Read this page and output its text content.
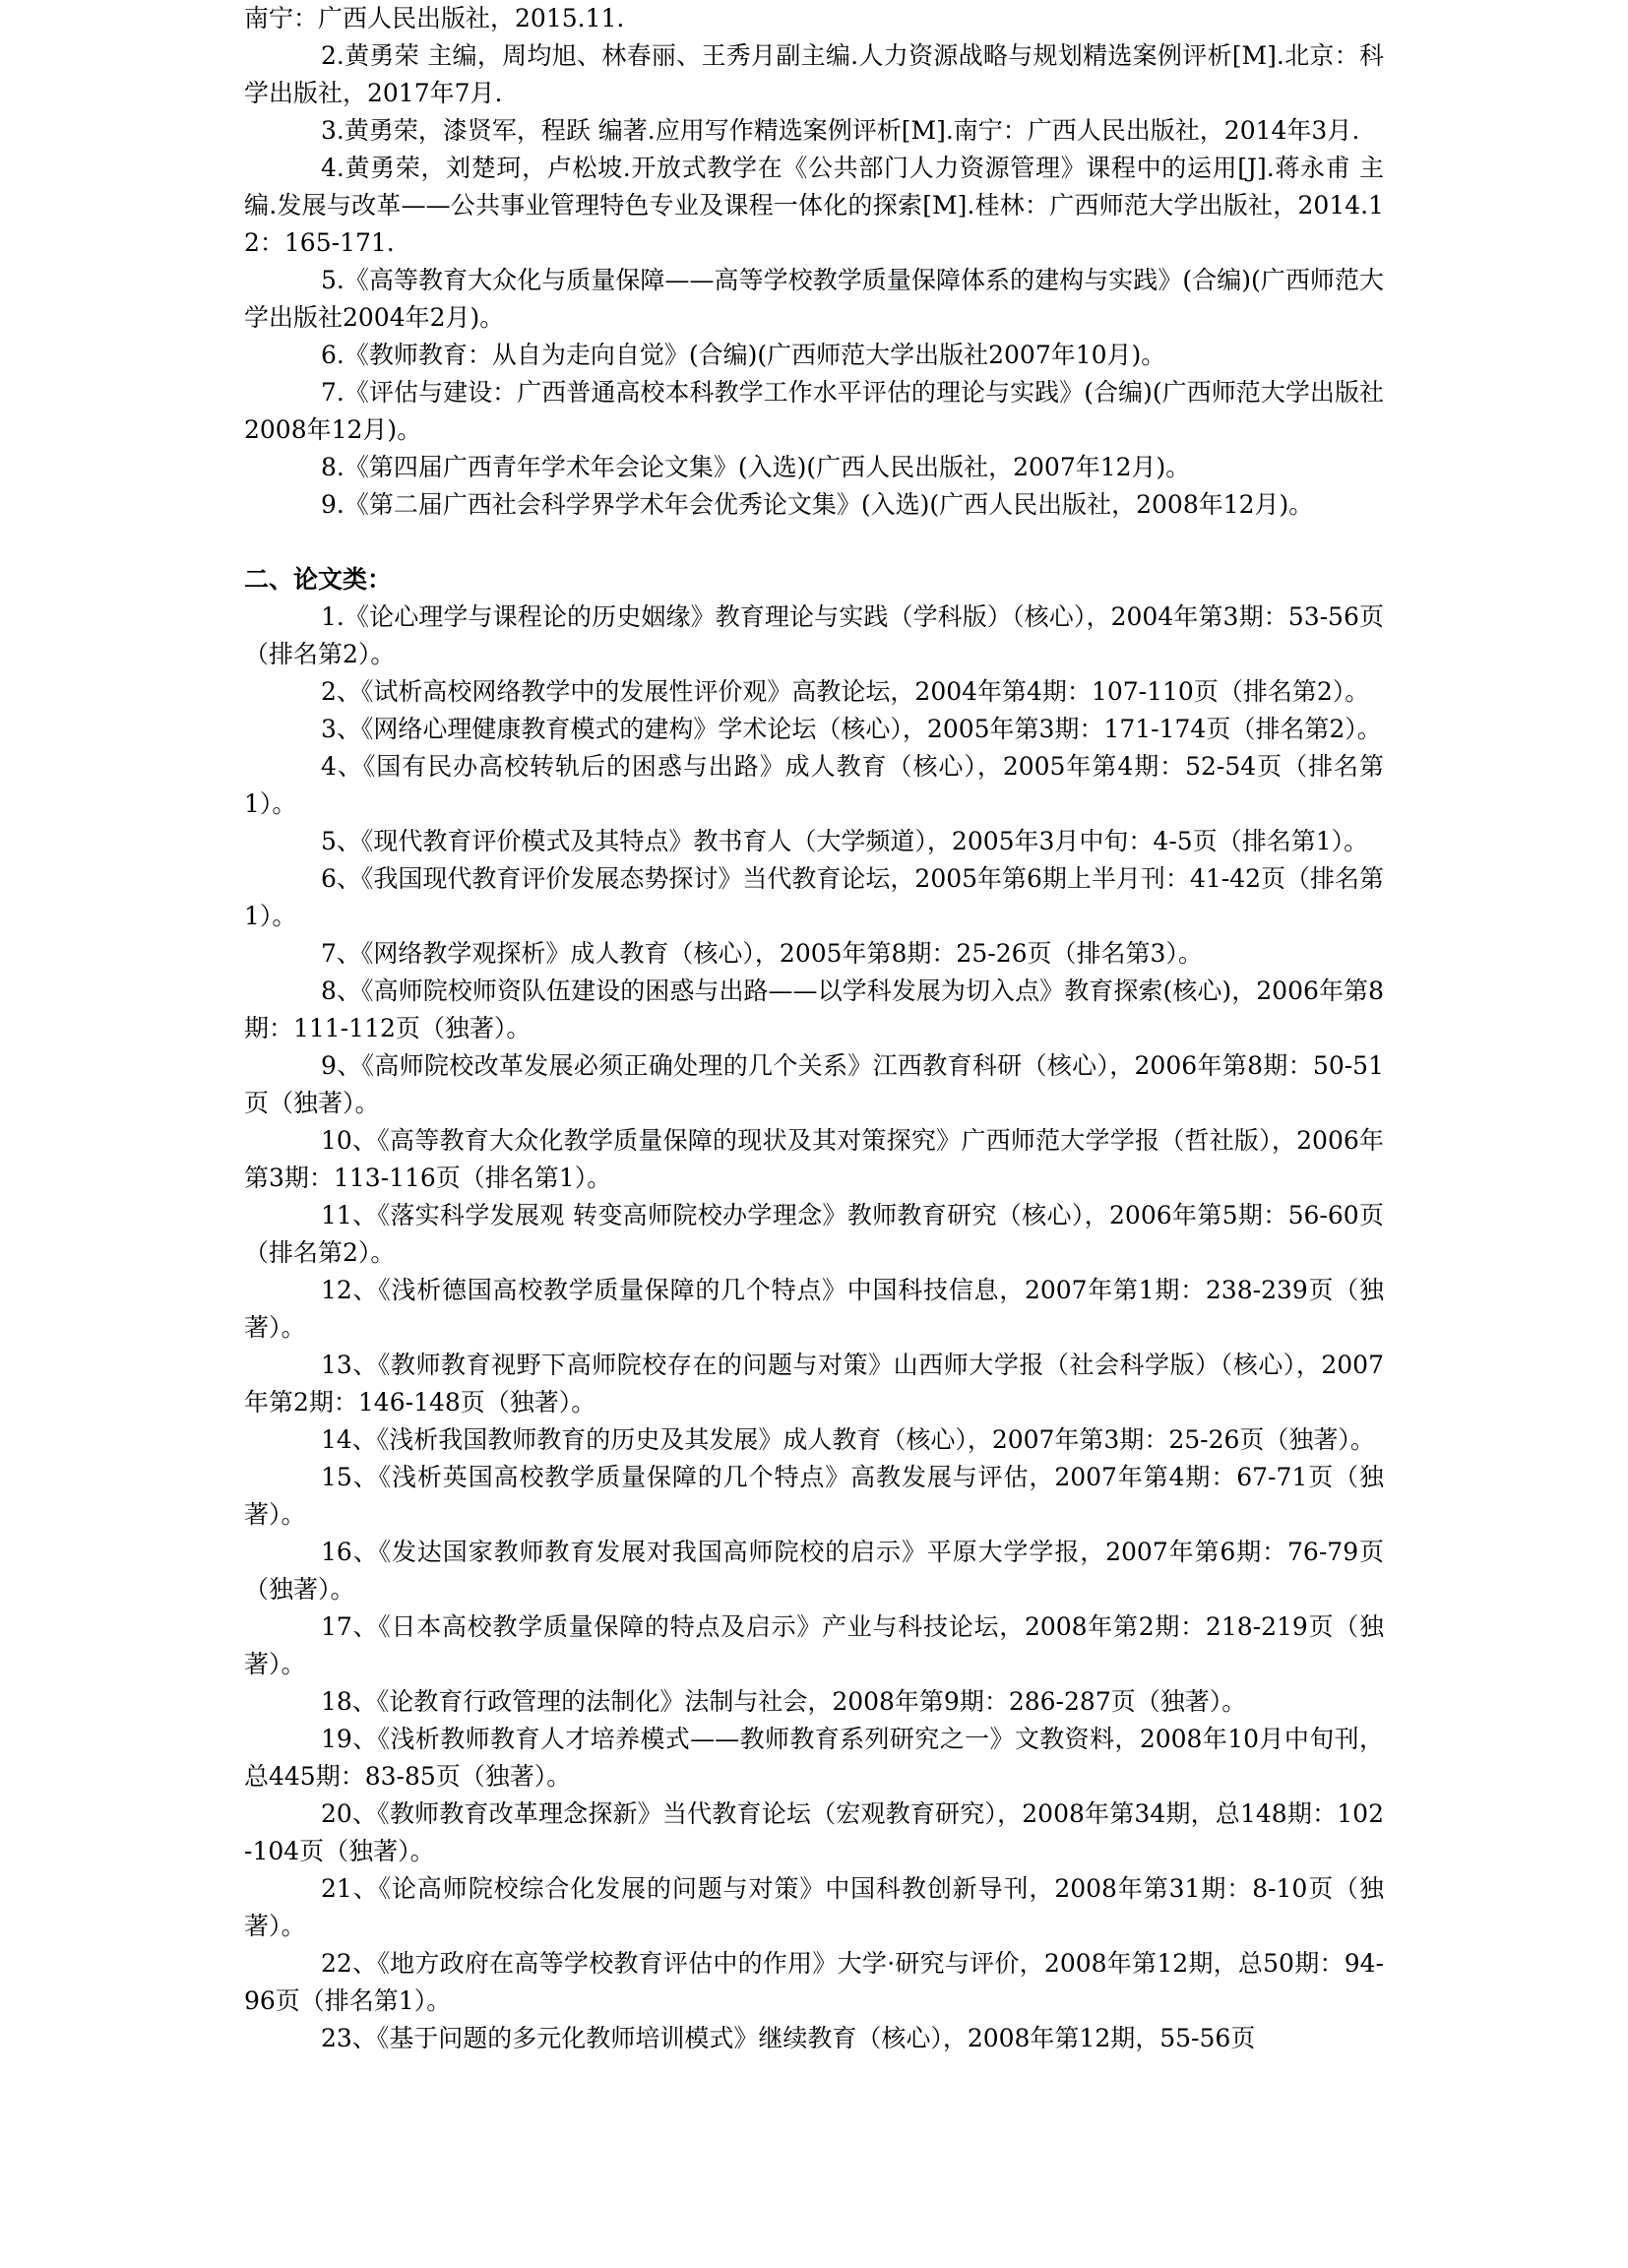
南宁：广西人民出版社，2015.11.

2.黄勇荣 主编，周均旭、林春丽、王秀月副主编.人力资源战略与规划精选案例评析[M].北京：科学出版社，2017年7月.

3.黄勇荣，漆贤军，程跃 编著.应用写作精选案例评析[M].南宁：广西人民出版社，2014年3月.

4.黄勇荣，刘楚珂，卢松坡.开放式教学在《公共部门人力资源管理》课程中的运用[J].蒋永甫 主编.发展与改革——公共事业管理特色专业及课程一体化的探索[M].桂林：广西师范大学出版社，2014.12：165-171.

5.《高等教育大众化与质量保障——高等学校教学质量保障体系的建构与实践》(合编)(广西师范大学出版社2004年2月)。

6.《教师教育：从自为走向自觉》(合编)(广西师范大学出版社2007年10月)。

7.《评估与建设：广西普通高校本科教学工作水平评估的理论与实践》(合编)(广西师范大学出版社2008年12月)。

8.《第四届广西青年学术年会论文集》(入选)(广西人民出版社，2007年12月)。

9.《第二届广西社会科学界学术年会优秀论文集》(入选)(广西人民出版社，2008年12月)。

二、论文类：

1.《论心理学与课程论的历史姻缘》教育理论与实践（学科版）（核心），2004年第3期：53-56页（排名第2）。

2、《试析高校网络教学中的发展性评价观》高教论坛，2004年第4期：107-110页（排名第2）。

3、《网络心理健康教育模式的建构》学术论坛（核心），2005年第3期：171-174页（排名第2）。

4、《国有民办高校转轨后的困惑与出路》成人教育（核心），2005年第4期：52-54页（排名第1）。

5、《现代教育评价模式及其特点》教书育人（大学频道），2005年3月中旬：4-5页（排名第1）。

6、《我国现代教育评价发展态势探讨》当代教育论坛，2005年第6期上半月刊：41-42页（排名第1）。

7、《网络教学观探析》成人教育（核心），2005年第8期：25-26页（排名第3）。

8、《高师院校师资队伍建设的困惑与出路——以学科发展为切入点》教育探索(核心)，2006年第8期：111-112页（独著）。

9、《高师院校改革发展必须正确处理的几个关系》江西教育科研（核心），2006年第8期：50-51页（独著）。

10、《高等教育大众化教学质量保障的现状及其对策探究》广西师范大学学报（哲社版），2006年第3期：113-116页（排名第1）。

11、《落实科学发展观 转变高师院校办学理念》教师教育研究（核心），2006年第5期：56-60页（排名第2）。

12、《浅析德国高校教学质量保障的几个特点》中国科技信息，2007年第1期：238-239页（独著）。

13、《教师教育视野下高师院校存在的问题与对策》山西师大学报（社会科学版）（核心），2007年第2期：146-148页（独著）。

14、《浅析我国教师教育的历史及其发展》成人教育（核心），2007年第3期：25-26页（独著）。

15、《浅析英国高校教学质量保障的几个特点》高教发展与评估，2007年第4期：67-71页（独著）。

16、《发达国家教师教育发展对我国高师院校的启示》平原大学学报，2007年第6期：76-79页（独著）。

17、《日本高校教学质量保障的特点及启示》产业与科技论坛，2008年第2期：218-219页（独著）。

18、《论教育行政管理的法制化》法制与社会，2008年第9期：286-287页（独著）。

19、《浅析教师教育人才培养模式——教师教育系列研究之一》文教资料，2008年10月中旬刊，总445期：83-85页（独著）。

20、《教师教育改革理念探新》当代教育论坛（宏观教育研究），2008年第34期，总148期：102-104页（独著）。

21、《论高师院校综合化发展的问题与对策》中国科教创新导刊，2008年第31期：8-10页（独著）。

22、《地方政府在高等学校教育评估中的作用》大学·研究与评价，2008年第12期，总50期：94-96页（排名第1）。

23、《基于问题的多元化教师培训模式》继续教育（核心），2008年第12期，55-56页
